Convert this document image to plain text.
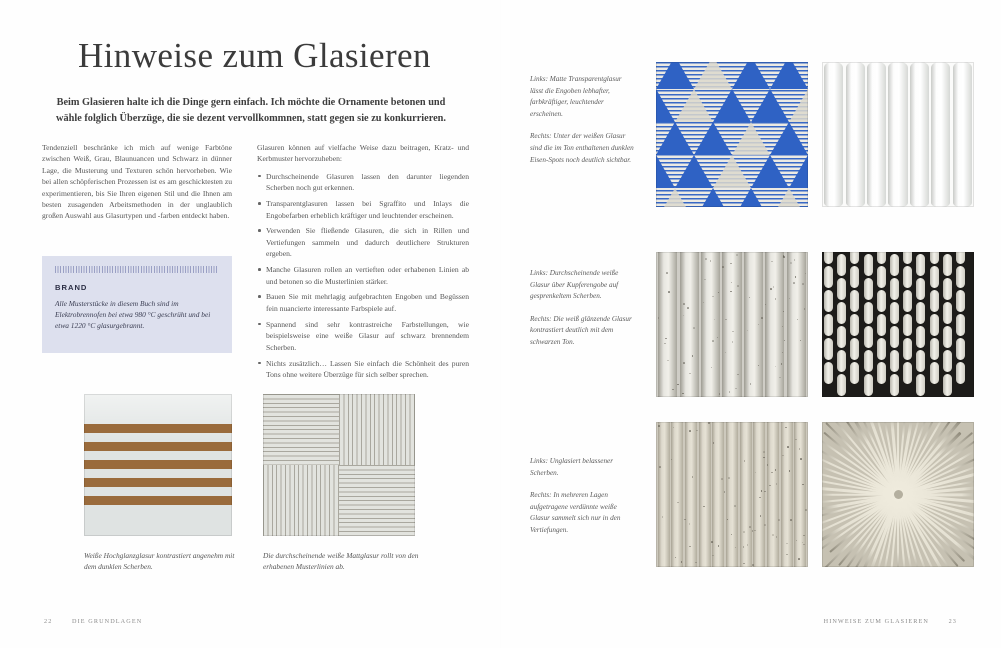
Hinweise zum Glasieren
Beim Glasieren halte ich die Dinge gern einfach. Ich möchte die Ornamente betonen und wähle folglich Überzüge, die sie dezent vervollkommnen, statt gegen sie zu konkurrieren.

Tendenziell beschränke ich mich auf wenige Farbtöne zwischen Weiß, Grau, Blaunuancen und Schwarz in dünner Lage, die Musterung und Texturen schön hervorheben. Wie bei allen schöpferischen Prozessen ist es am geschicktesten zu experimentieren, bis Sie Ihren eigenen Stil und die Ihnen am besten zusagenden Arbeitsmethoden in der unglaublich großen Auswahl aus Glasurtypen und -farben entdeckt haben.

Glasuren können auf vielfache Weise dazu beitragen, Kratz- und Kerbmuster hervorzuheben:

Durchscheinende Glasuren lassen den darunter liegenden Scherben noch gut erkennen.
Transparentglasuren lassen bei Sgraffito und Inlays die Engobefarben erheblich kräftiger und leuchtender erscheinen.
Verwenden Sie fließende Glasuren, die sich in Rillen und Vertiefungen sammeln und dadurch deutlichere Strukturen ergeben.
Manche Glasuren rollen an vertieften oder erhabenen Linien ab und betonen so die Musterlinien stärker.
Bauen Sie mit mehrlagig aufgebrachten Engoben und Begüssen fein nuancierte interessante Farbspiele auf.
Spannend sind sehr kontrastreiche Farbstellungen, wie beispielsweise eine weiße Glasur auf schwarz brennendem Scherben.
Nichts zusätzlich… Lassen Sie einfach die Schönheit des puren Tons ohne weitere Überzüge für sich selber sprechen.
BRAND
Alle Musterstücke in diesem Buch sind im Elektrobrennofen bei etwa 980 °C geschrüht und bei etwa 1220 °C glasurgebrannt.
Weiße Hochglanzglasur kontrastiert angenehm mit dem dunklen Scherben.
Die durchscheinende weiße Mattglasur rollt von den erhabenen Musterlinien ab.
22	DIE GRUNDLAGEN

Links: Matte Transparentglasur lässt die Engoben lebhafter, farbkräftiger, leuchtender erscheinen.

Rechts: Unter der weißen Glasur sind die im Ton enthaltenen dunklen Eisen-Spots noch deutlich sichtbar.

Links: Durchscheinende weiße Glasur über Kupferengobe auf gesprenkeltem Scherben.

Rechts: Die weiß glänzende Glasur kontrastiert deutlich mit dem schwarzen Ton.

Links: Unglasiert belassener Scherben.

Rechts: In mehreren Lagen aufgetragene verdünnte weiße Glasur sammelt sich nur in den Vertiefungen.

HINWEISE ZUM GLASIEREN	23
